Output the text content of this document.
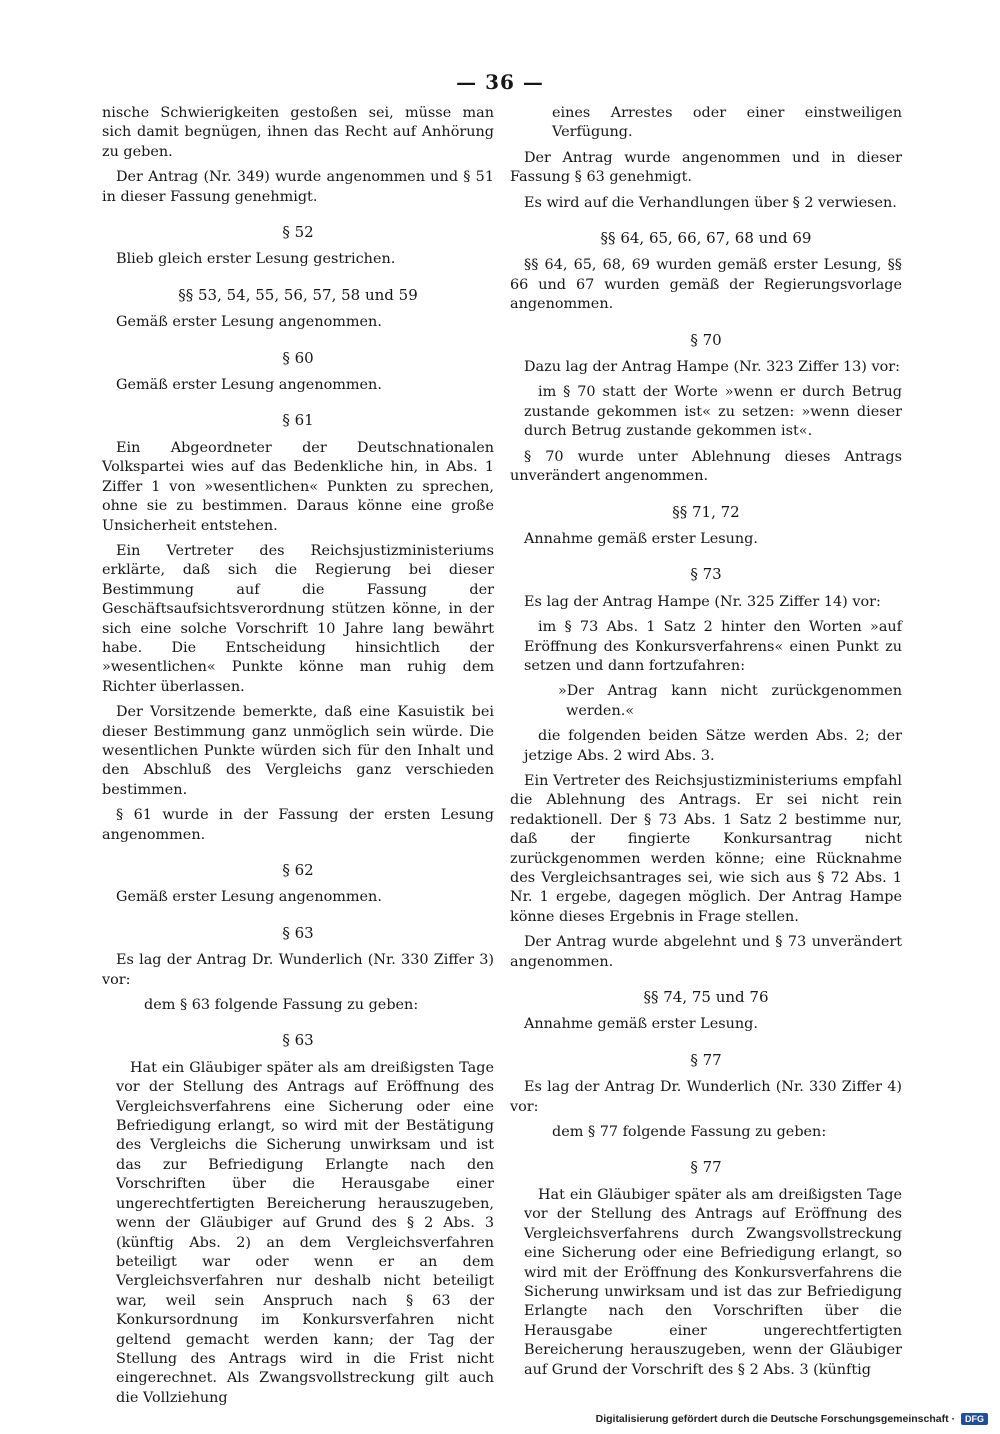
— 36 —

nische Schwierigkeiten gestoßen sei, müsse man sich damit begnügen, ihnen das Recht auf Anhörung zu geben.

Der Antrag (Nr. 349) wurde angenommen und § 51 in dieser Fassung genehmigt.

§ 52

Blieb gleich erster Lesung gestrichen.

§§ 53, 54, 55, 56, 57, 58 und 59

Gemäß erster Lesung angenommen.

§ 60

Gemäß erster Lesung angenommen.

§ 61

Ein Abgeordneter der Deutschnationalen Volkspartei wies auf das Bedenkliche hin, in Abs. 1 Ziffer 1 von »wesentlichen« Punkten zu sprechen, ohne sie zu bestimmen. Daraus könne eine große Unsicherheit entstehen.

Ein Vertreter des Reichsjustizministeriums erklärte, daß sich die Regierung bei dieser Bestimmung auf die Fassung der Geschäftsaufsichtsverordnung stützen könne, in der sich eine solche Vorschrift 10 Jahre lang bewährt habe. Die Entscheidung hinsichtlich der »wesentlichen« Punkte könne man ruhig dem Richter überlassen.

Der Vorsitzende bemerkte, daß eine Kasuistik bei dieser Bestimmung ganz unmöglich sein würde. Die wesentlichen Punkte würden sich für den Inhalt und den Abschluß des Vergleichs ganz verschieden bestimmen.

§ 61 wurde in der Fassung der ersten Lesung angenommen.

§ 62

Gemäß erster Lesung angenommen.

§ 63

Es lag der Antrag Dr. Wunderlich (Nr. 330 Ziffer 3) vor:

dem § 63 folgende Fassung zu geben:

§ 63

Hat ein Gläubiger später als am dreißigsten Tage vor der Stellung des Antrags auf Eröffnung des Vergleichsverfahrens eine Sicherung oder eine Befriedigung erlangt, so wird mit der Bestätigung des Vergleichs die Sicherung unwirksam und ist das zur Befriedigung Erlangte nach den Vorschriften über die Herausgabe einer ungerechtfertigten Bereicherung herauszugeben, wenn der Gläubiger auf Grund des § 2 Abs. 3 (künftig Abs. 2) an dem Vergleichsverfahren beteiligt war oder wenn er an dem Vergleichsverfahren nur deshalb nicht beteiligt war, weil sein Anspruch nach § 63 der Konkursordnung im Konkursverfahren nicht geltend gemacht werden kann; der Tag der Stellung des Antrags wird in die Frist nicht eingerechnet. Als Zwangsvollstreckung gilt auch die Vollziehung

eines Arrestes oder einer einstweiligen Verfügung.

Der Antrag wurde angenommen und in dieser Fassung § 63 genehmigt.

Es wird auf die Verhandlungen über § 2 verwiesen.

§§ 64, 65, 66, 67, 68 und 69

§§ 64, 65, 68, 69 wurden gemäß erster Lesung, §§ 66 und 67 wurden gemäß der Regierungsvorlage angenommen.

§ 70

Dazu lag der Antrag Hampe (Nr. 323 Ziffer 13) vor:

im § 70 statt der Worte »wenn er durch Betrug zustande gekommen ist« zu setzen: »wenn dieser durch Betrug zustande gekommen ist«.

§ 70 wurde unter Ablehnung dieses Antrags unverändert angenommen.

§§ 71, 72

Annahme gemäß erster Lesung.

§ 73

Es lag der Antrag Hampe (Nr. 325 Ziffer 14) vor:

im § 73 Abs. 1 Satz 2 hinter den Worten »auf Eröffnung des Konkursverfahrens« einen Punkt zu setzen und dann fortzufahren:

»Der Antrag kann nicht zurückgenommen werden.«

die folgenden beiden Sätze werden Abs. 2; der jetzige Abs. 2 wird Abs. 3.

Ein Vertreter des Reichsjustizministeriums empfahl die Ablehnung des Antrags. Er sei nicht rein redaktionell. Der § 73 Abs. 1 Satz 2 bestimme nur, daß der fingierte Konkursantrag nicht zurückgenommen werden könne; eine Rücknahme des Vergleichsantrages sei, wie sich aus § 72 Abs. 1 Nr. 1 ergebe, dagegen möglich. Der Antrag Hampe könne dieses Ergebnis in Frage stellen.

Der Antrag wurde abgelehnt und § 73 unverändert angenommen.

§§ 74, 75 und 76

Annahme gemäß erster Lesung.

§ 77

Es lag der Antrag Dr. Wunderlich (Nr. 330 Ziffer 4) vor:

dem § 77 folgende Fassung zu geben:

§ 77

Hat ein Gläubiger später als am dreißigsten Tage vor der Stellung des Antrags auf Eröffnung des Vergleichsverfahrens durch Zwangsvollstreckung eine Sicherung oder eine Befriedigung erlangt, so wird mit der Eröffnung des Konkursverfahrens die Sicherung unwirksam und ist das zur Befriedigung Erlangte nach den Vorschriften über die Herausgabe einer ungerechtfertigten Bereicherung herauszugeben, wenn der Gläubiger auf Grund der Vorschrift des § 2 Abs. 3 (künftig

Digitalisierung gefördert durch die Deutsche Forschungsgemeinschaft ·	DFG
